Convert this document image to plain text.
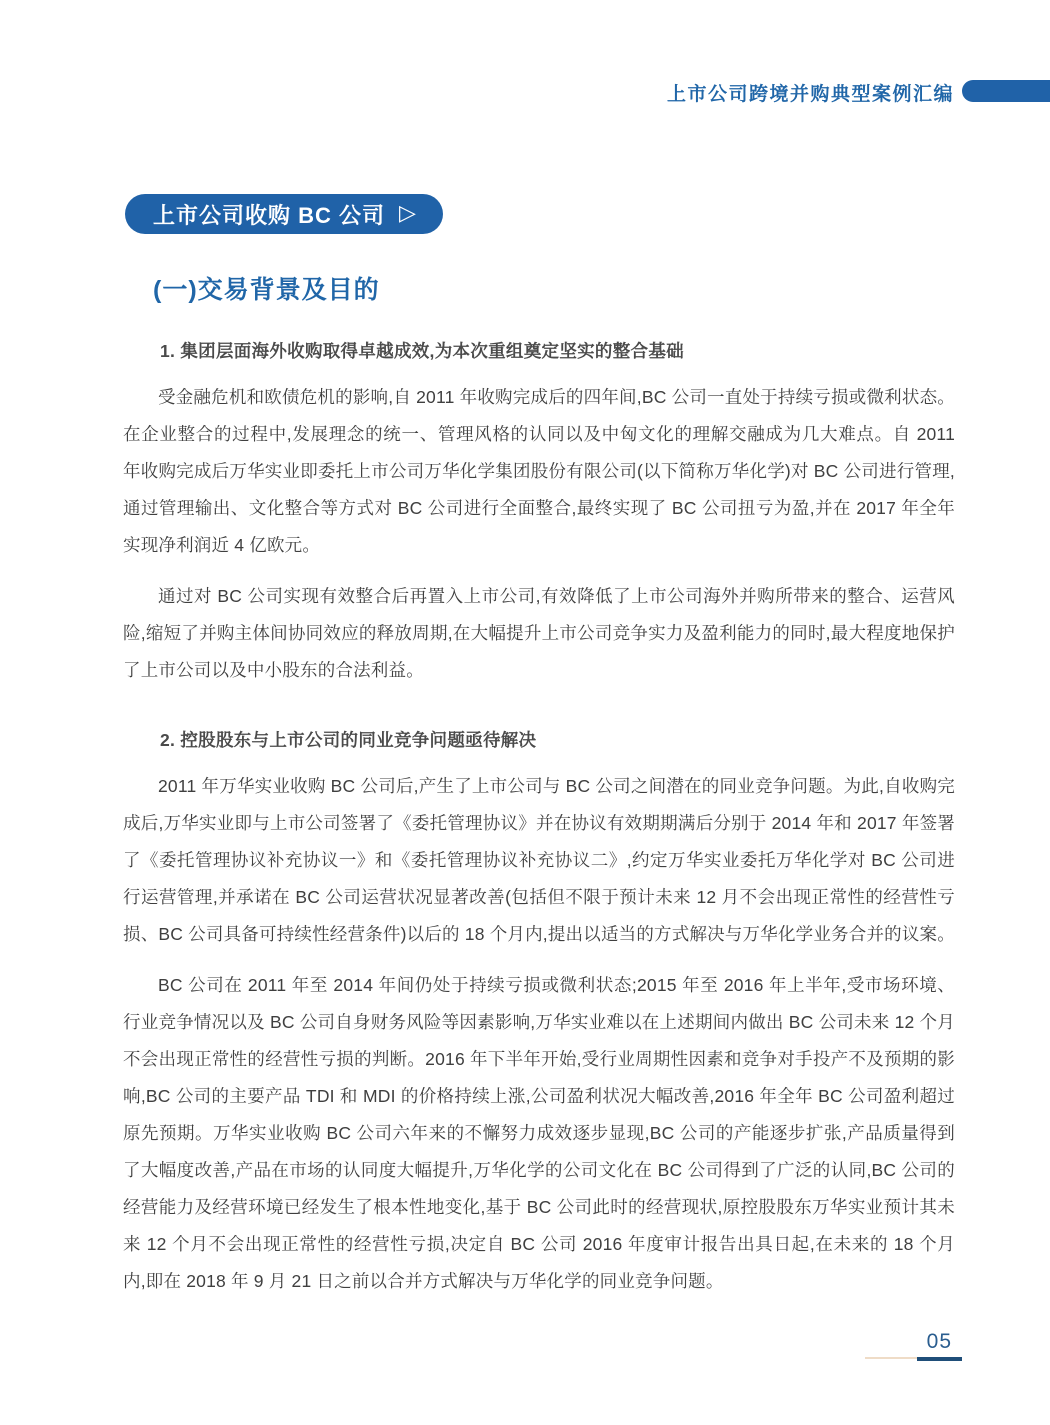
上市公司跨境并购典型案例汇编
上市公司收购 BC 公司 ▷
(一)交易背景及目的
1. 集团层面海外收购取得卓越成效,为本次重组奠定坚实的整合基础

受金融危机和欧债危机的影响,自 2011 年收购完成后的四年间,BC 公司一直处于持续亏损或微利状态。在企业整合的过程中,发展理念的统一、管理风格的认同以及中匈文化的理解交融成为几大难点。自 2011 年收购完成后万华实业即委托上市公司万华化学集团股份有限公司(以下简称万华化学)对 BC 公司进行管理,通过管理输出、文化整合等方式对 BC 公司进行全面整合,最终实现了 BC 公司扭亏为盈,并在 2017 年全年实现净利润近 4 亿欧元。

通过对 BC 公司实现有效整合后再置入上市公司,有效降低了上市公司海外并购所带来的整合、运营风险,缩短了并购主体间协同效应的释放周期,在大幅提升上市公司竞争实力及盈利能力的同时,最大程度地保护了上市公司以及中小股东的合法利益。

2. 控股股东与上市公司的同业竞争问题亟待解决

2011 年万华实业收购 BC 公司后,产生了上市公司与 BC 公司之间潜在的同业竞争问题。为此,自收购完成后,万华实业即与上市公司签署了《委托管理协议》并在协议有效期期满后分别于 2014 年和 2017 年签署了《委托管理协议补充协议一》和《委托管理协议补充协议二》,约定万华实业委托万华化学对 BC 公司进行运营管理,并承诺在 BC 公司运营状况显著改善(包括但不限于预计未来 12 月不会出现正常性的经营性亏损、BC 公司具备可持续性经营条件)以后的 18 个月内,提出以适当的方式解决与万华化学业务合并的议案。

BC 公司在 2011 年至 2014 年间仍处于持续亏损或微利状态;2015 年至 2016 年上半年,受市场环境、行业竞争情况以及 BC 公司自身财务风险等因素影响,万华实业难以在上述期间内做出 BC 公司未来 12 个月不会出现正常性的经营性亏损的判断。2016 年下半年开始,受行业周期性因素和竞争对手投产不及预期的影响,BC 公司的主要产品 TDI 和 MDI 的价格持续上涨,公司盈利状况大幅改善,2016 年全年 BC 公司盈利超过原先预期。万华实业收购 BC 公司六年来的不懈努力成效逐步显现,BC 公司的产能逐步扩张,产品质量得到了大幅度改善,产品在市场的认同度大幅提升,万华化学的公司文化在 BC 公司得到了广泛的认同,BC 公司的经营能力及经营环境已经发生了根本性地变化,基于 BC 公司此时的经营现状,原控股股东万华实业预计其未来 12 个月不会出现正常性的经营性亏损,决定自 BC 公司 2016 年度审计报告出具日起,在未来的 18 个月内,即在 2018 年 9 月 21 日之前以合并方式解决与万华化学的同业竞争问题。

05
